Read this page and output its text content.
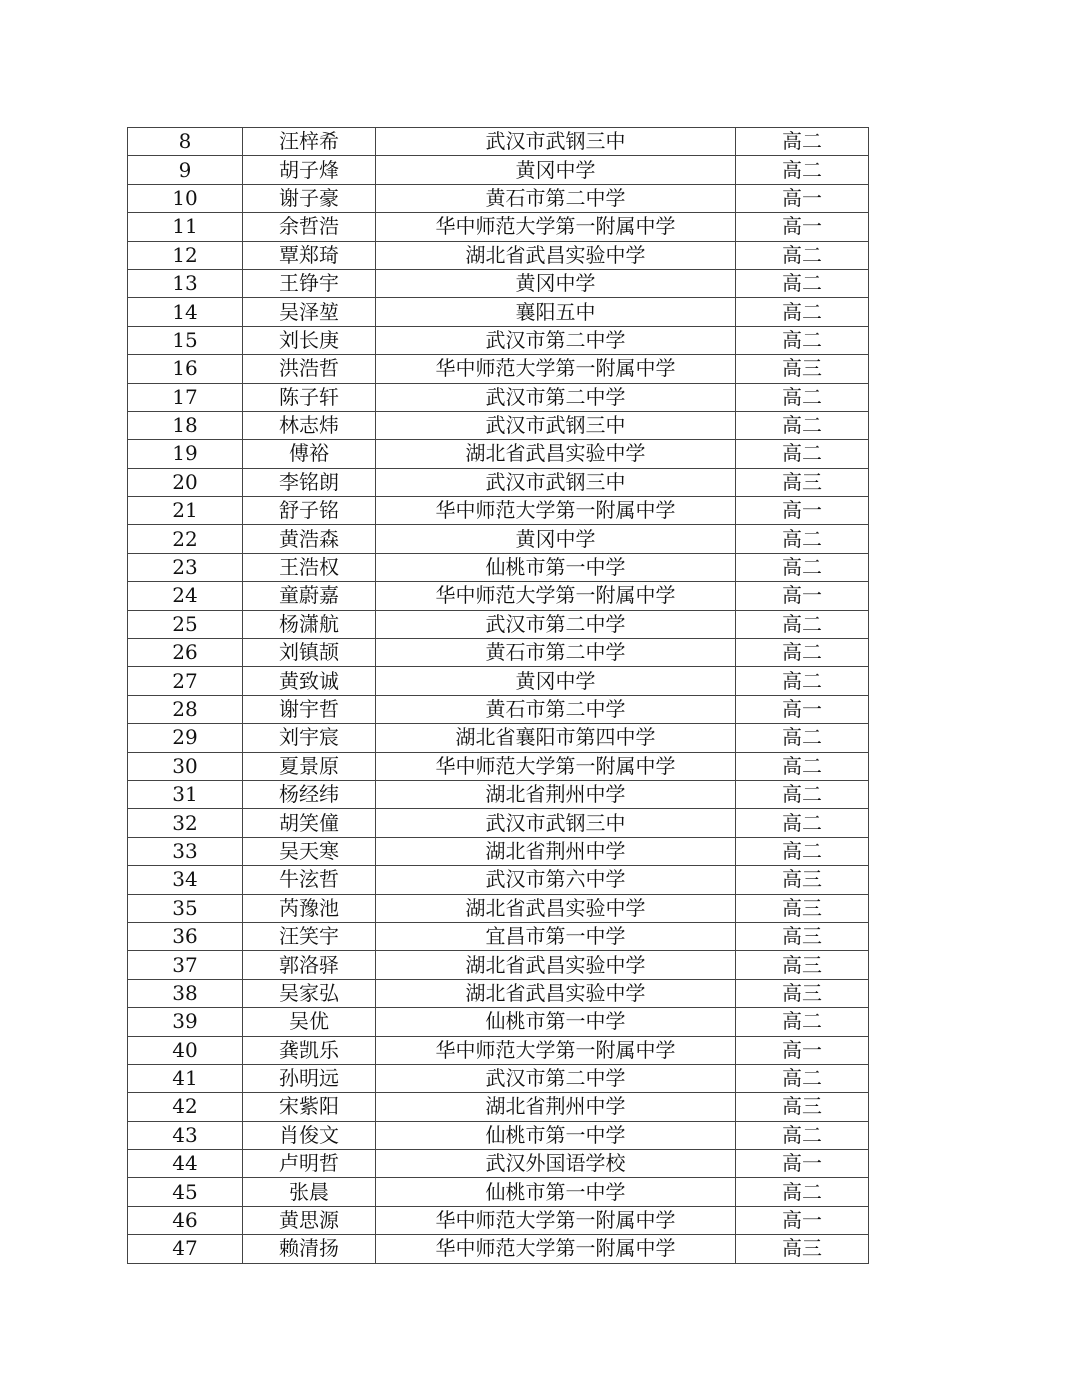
8	汪梓希	武汉市武钢三中	高二
9	胡子烽	黄冈中学	高二
10	谢子豪	黄石市第二中学	高一
11	余哲浩	华中师范大学第一附属中学	高一
12	覃郑琦	湖北省武昌实验中学	高二
13	王铮宇	黄冈中学	高二
14	吴泽堃	襄阳五中	高二
15	刘长庚	武汉市第二中学	高二
16	洪浩哲	华中师范大学第一附属中学	高三
17	陈子轩	武汉市第二中学	高二
18	林志炜	武汉市武钢三中	高二
19	傅裕	湖北省武昌实验中学	高二
20	李铭朗	武汉市武钢三中	高三
21	舒子铭	华中师范大学第一附属中学	高一
22	黄浩森	黄冈中学	高二
23	王浩权	仙桃市第一中学	高二
24	童蔚嘉	华中师范大学第一附属中学	高一
25	杨潇航	武汉市第二中学	高二
26	刘镇颉	黄石市第二中学	高二
27	黄致诚	黄冈中学	高二
28	谢宇哲	黄石市第二中学	高一
29	刘宇宸	湖北省襄阳市第四中学	高二
30	夏景原	华中师范大学第一附属中学	高二
31	杨经纬	湖北省荆州中学	高二
32	胡笑僮	武汉市武钢三中	高二
33	吴天寒	湖北省荆州中学	高二
34	牛泫哲	武汉市第六中学	高三
35	芮豫池	湖北省武昌实验中学	高三
36	汪笑宇	宜昌市第一中学	高三
37	郭洛驿	湖北省武昌实验中学	高三
38	吴家弘	湖北省武昌实验中学	高三
39	吴优	仙桃市第一中学	高二
40	龚凯乐	华中师范大学第一附属中学	高一
41	孙明远	武汉市第二中学	高二
42	宋紫阳	湖北省荆州中学	高三
43	肖俊文	仙桃市第一中学	高二
44	卢明哲	武汉外国语学校	高一
45	张晨	仙桃市第一中学	高二
46	黄思源	华中师范大学第一附属中学	高一
47	赖清扬	华中师范大学第一附属中学	高三
